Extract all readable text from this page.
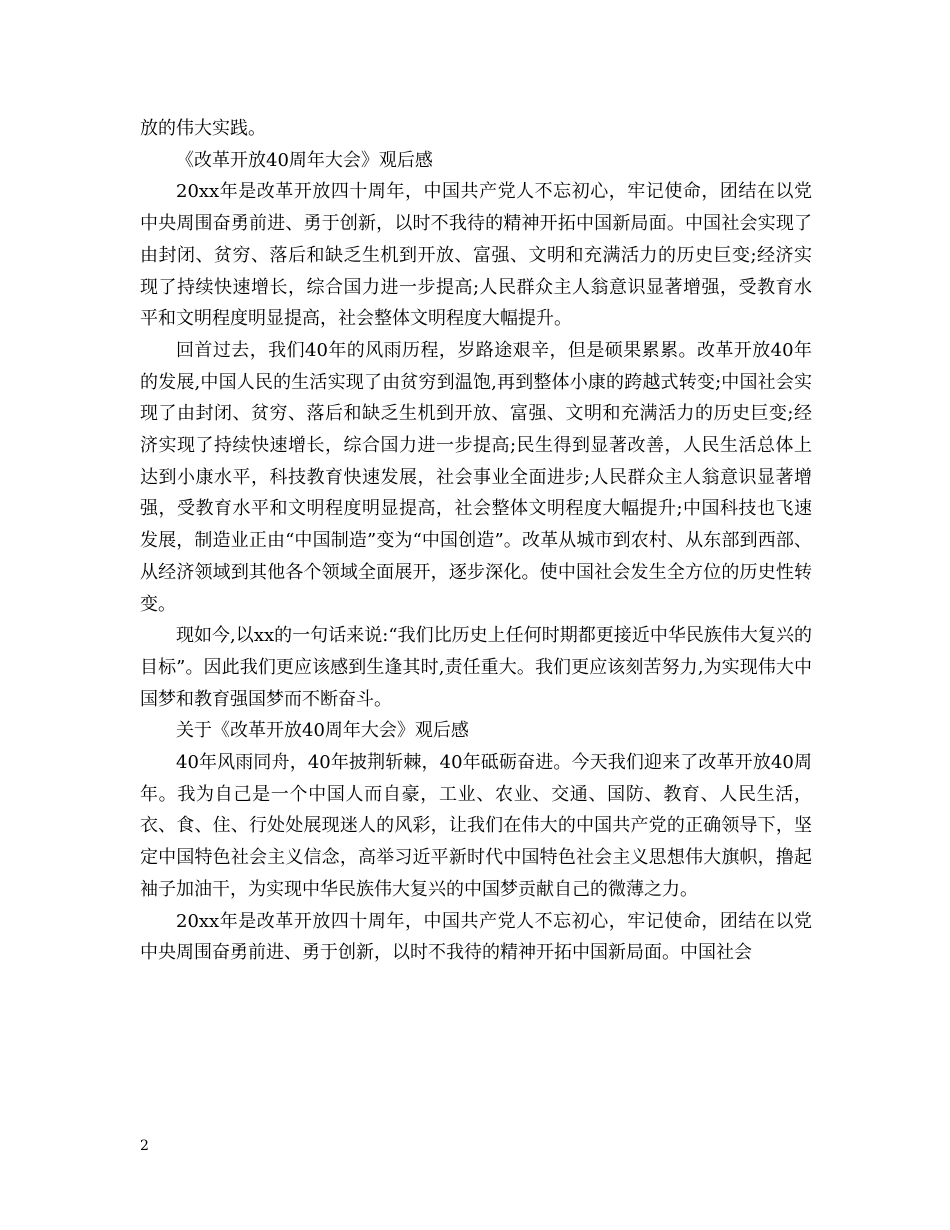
放的伟大实践。

《改革开放40周年大会》观后感

20xx年是改革开放四十周年，中国共产党人不忘初心，牢记使命，团结在以党中央周围奋勇前进、勇于创新，以时不我待的精神开拓中国新局面。中国社会实现了由封闭、贫穷、落后和缺乏生机到开放、富强、文明和充满活力的历史巨变;经济实现了持续快速增长，综合国力进一步提高;人民群众主人翁意识显著增强，受教育水平和文明程度明显提高，社会整体文明程度大幅提升。

回首过去，我们40年的风雨历程，岁路途艰辛，但是硕果累累。改革开放40年的发展,中国人民的生活实现了由贫穷到温饱,再到整体小康的跨越式转变;中国社会实现了由封闭、贫穷、落后和缺乏生机到开放、富强、文明和充满活力的历史巨变;经济实现了持续快速增长，综合国力进一步提高;民生得到显著改善，人民生活总体上达到小康水平，科技教育快速发展，社会事业全面进步;人民群众主人翁意识显著增强，受教育水平和文明程度明显提高，社会整体文明程度大幅提升;中国科技也飞速发展，制造业正由“中国制造”变为“中国创造”。改革从城市到农村、从东部到西部、从经济领域到其他各个领域全面展开，逐步深化。使中国社会发生全方位的历史性转变。

现如今,以xx的一句话来说:“我们比历史上任何时期都更接近中华民族伟大复兴的目标”。因此我们更应该感到生逢其时,责任重大。我们更应该刻苦努力,为实现伟大中国梦和教育强国梦而不断奋斗。

关于《改革开放40周年大会》观后感

40年风雨同舟，40年披荆斩棘，40年砥砺奋进。今天我们迎来了改革开放40周年。我为自己是一个中国人而自豪，工业、农业、交通、国防、教育、人民生活，衣、食、住、行处处展现迷人的风彩，让我们在伟大的中国共产党的正确领导下，坚定中国特色社会主义信念，高举习近平新时代中国特色社会主义思想伟大旗帜，撸起袖子加油干，为实现中华民族伟大复兴的中国梦贡献自己的微薄之力。

20xx年是改革开放四十周年，中国共产党人不忘初心，牢记使命，团结在以党中央周围奋勇前进、勇于创新，以时不我待的精神开拓中国新局面。中国社会

2
